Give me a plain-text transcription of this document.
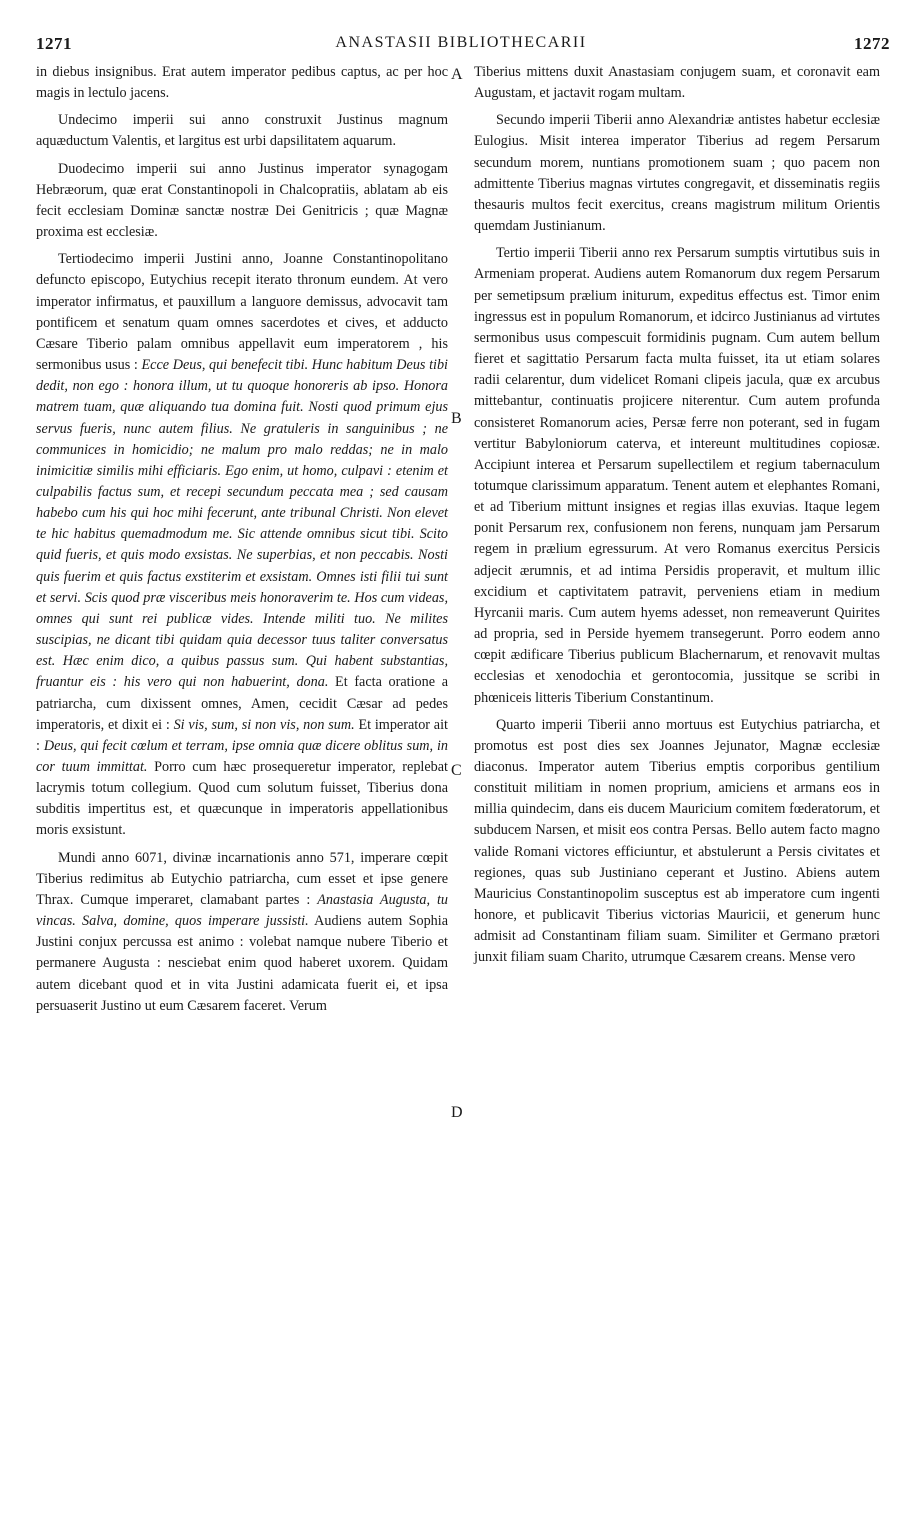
1271	ANASTASII BIBLIOTHECARII	1272
A
B
C
D

in diebus insignibus. Erat autem imperator pedibus captus, ac per hoc magis in lectulo jacens.

Undecimo imperii sui anno construxit Justinus magnum aquæductum Valentis, et largitus est urbi dapsilitatem aquarum.

Duodecimo imperii sui anno Justinus imperator synagogam Hebræorum, quæ erat Constantinopoli in Chalcopratiis, ablatam ab eis fecit ecclesiam Dominæ sanctæ nostræ Dei Genitricis ; quæ Magnæ proxima est ecclesiæ.

Tertiodecimo imperii Justini anno, Joanne Constantinopolitano defuncto episcopo, Eutychius recepit iterato thronum eundem. At vero imperator infirmatus, et pauxillum a languore demissus, advocavit tam pontificem et senatum quam omnes sacerdotes et cives, et adducto Cæsare Tiberio palam omnibus appellavit eum imperatorem , his sermonibus usus : Ecce Deus, qui benefecit tibi. Hunc habitum Deus tibi dedit, non ego : honora illum, ut tu quoque honoreris ab ipso. Honora matrem tuam, quæ aliquando tua domina fuit. Nosti quod primum ejus servus fueris, nunc autem filius. Ne gratuleris in sanguinibus ; ne communices in homicidio; ne malum pro malo reddas; ne in malo inimicitiæ similis mihi efficiaris. Ego enim, ut homo, culpavi : etenim et culpabilis factus sum, et recepi secundum peccata mea ; sed causam habebo cum his qui hoc mihi fecerunt, ante tribunal Christi. Non elevet te hic habitus quemadmodum me. Sic attende omnibus sicut tibi. Scito quid fueris, et quis modo exsistas. Ne superbias, et non peccabis. Nosti quis fuerim et quis factus exstiterim et exsistam. Omnes isti filii tui sunt et servi. Scis quod præ visceribus meis honoraverim te. Hos cum videas, omnes qui sunt rei publicæ vides. Intende militi tuo. Ne milites suscipias, ne dicant tibi quidam quia decessor tuus taliter conversatus est. Hæc enim dico, a quibus passus sum. Qui habent substantias, fruantur eis : his vero qui non habuerint, dona. Et facta oratione a patriarcha, cum dixissent omnes, Amen, cecidit Cæsar ad pedes imperatoris, et dixit ei : Si vis, sum, si non vis, non sum. Et imperator ait : Deus, qui fecit cœlum et terram, ipse omnia quæ dicere oblitus sum, in cor tuum immittat. Porro cum hæc prosequeretur imperator, replebat lacrymis totum collegium. Quod cum solutum fuisset, Tiberius dona subditis impertitus est, et quæcunque in imperatoris appellationibus moris exsistunt.

Mundi anno 6071, divinæ incarnationis anno 571, imperare cœpit Tiberius redimitus ab Eutychio patriarcha, cum esset et ipse genere Thrax. Cumque imperaret, clamabant partes : Anastasia Augusta, tu vincas. Salva, domine, quos imperare jussisti. Audiens autem Sophia Justini conjux percussa est animo : volebat namque nubere Tiberio et permanere Augusta : nesciebat enim quod haberet uxorem. Quidam autem dicebant quod et in vita Justini adamicata fuerit ei, et ipsa persuaserit Justino ut eum Cæsarem faceret. Verum

Tiberius mittens duxit Anastasiam conjugem suam, et coronavit eam Augustam, et jactavit rogam multam.

Secundo imperii Tiberii anno Alexandriæ antistes habetur ecclesiæ Eulogius. Misit interea imperator Tiberius ad regem Persarum secundum morem, nuntians promotionem suam ; quo pacem non admittente Tiberius magnas virtutes congregavit, et disseminatis regiis thesauris multos fecit exercitus, creans magistrum militum Orientis quemdam Justinianum.

Tertio imperii Tiberii anno rex Persarum sumptis virtutibus suis in Armeniam properat. Audiens autem Romanorum dux regem Persarum per semetipsum prælium initurum, expeditus effectus est. Timor enim ingressus est in populum Romanorum, et idcirco Justinianus ad virtutes sermonibus usus compescuit formidinis pugnam. Cum autem bellum fieret et sagittatio Persarum facta multa fuisset, ita ut etiam solares radii celarentur, dum videlicet Romani clipeis jacula, quæ ex arcubus mittebantur, continuatis projicere niterentur. Cum autem profunda consisteret Romanorum acies, Persæ ferre non poterant, sed in fugam vertitur Babyloniorum caterva, et intereunt multitudines copiosæ. Accipiunt interea et Persarum supellectilem et regium tabernaculum totumque clarissimum apparatum. Tenent autem et elephantes Romani, et ad Tiberium mittunt insignes et regias illas exuvias. Itaque legem ponit Persarum rex, confusionem non ferens, nunquam jam Persarum regem in prælium egressurum. At vero Romanus exercitus Persicis adjecit ærumnis, et ad intima Persidis properavit, et multum illic excidium et captivitatem patravit, perveniens etiam in medium Hyrcanii maris. Cum autem hyems adesset, non remeaverunt Quirites ad propria, sed in Perside hyemem transegerunt. Porro eodem anno cœpit ædificare Tiberius publicum Blachernarum, et renovavit multas ecclesias et xenodochia et gerontocomia, jussitque se scribi in phœniceis litteris Tiberium Constantinum.

Quarto imperii Tiberii anno mortuus est Eutychius patriarcha, et promotus est post dies sex Joannes Jejunator, Magnæ ecclesiæ diaconus. Imperator autem Tiberius emptis corporibus gentilium constituit militiam in nomen proprium, amiciens et armans eos in millia quindecim, dans eis ducem Mauricium comitem fœderatorum, et subducem Narsen, et misit eos contra Persas. Bello autem facto magno valide Romani victores efficiuntur, et abstulerunt a Persis civitates et regiones, quas sub Justiniano ceperant et Justino. Abiens autem Mauricius Constantinopolim susceptus est ab imperatore cum ingenti honore, et publicavit Tiberius victorias Mauricii, et generum hunc admisit ad Constantinam filiam suam. Similiter et Germano prætori junxit filiam suam Charito, utrumque Cæsarem creans. Mense vero
